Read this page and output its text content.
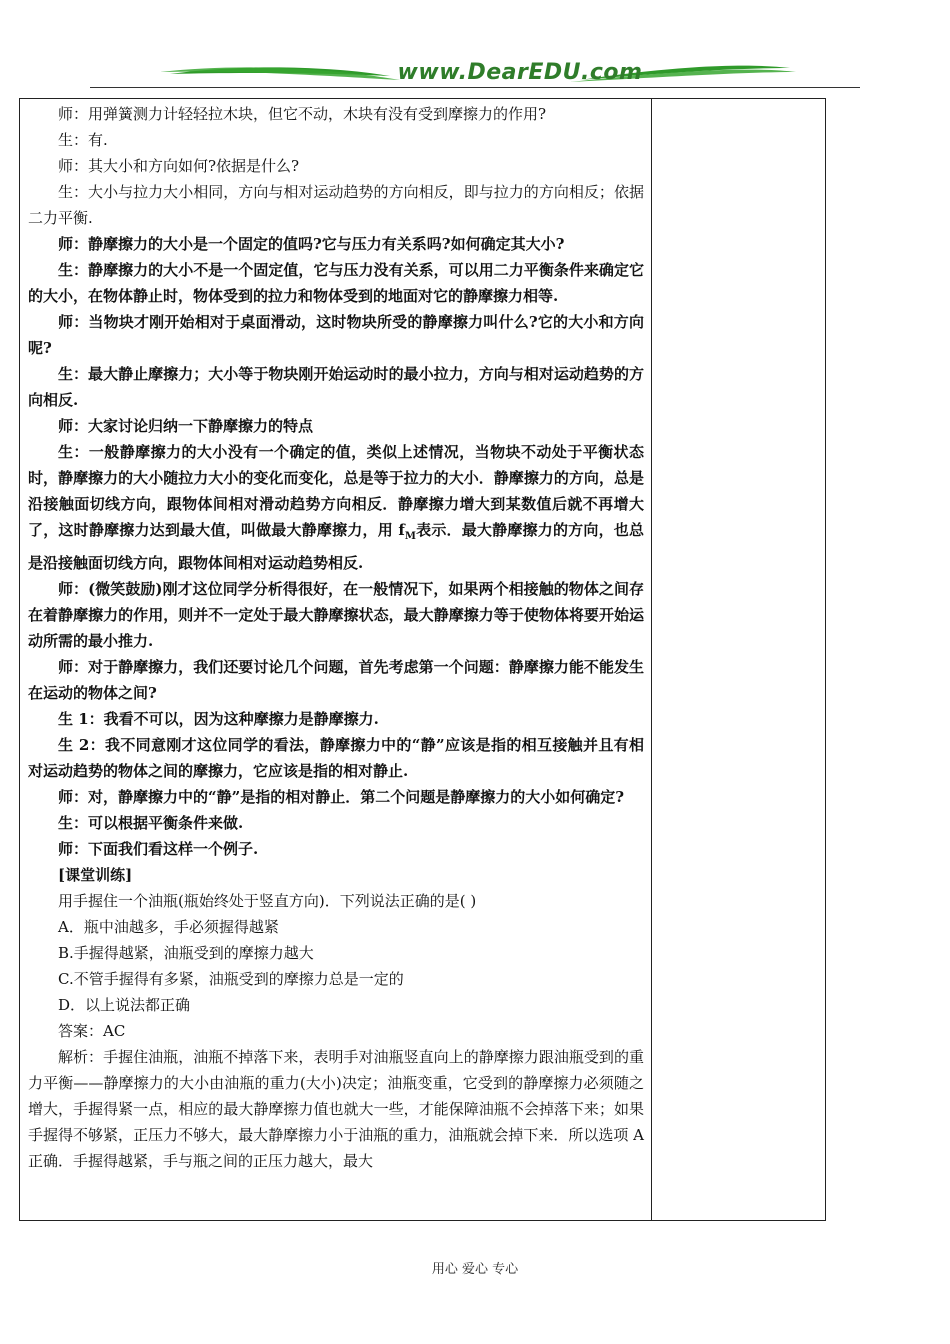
www.DearEDU.com

师：用弹簧测力计轻轻拉木块，但它不动，木块有没有受到摩擦力的作用?

生：有.

师：其大小和方向如何?依据是什么?

生：大小与拉力大小相同，方向与相对运动趋势的方向相反，即与拉力的方向相反；依据二力平衡.

师：静摩擦力的大小是一个固定的值吗?它与压力有关系吗?如何确定其大小?

生：静摩擦力的大小不是一个固定值，它与压力没有关系，可以用二力平衡条件来确定它的大小，在物体静止时，物体受到的拉力和物体受到的地面对它的静摩擦力相等.

师：当物块才刚开始相对于桌面滑动，这时物块所受的静摩擦力叫什么?它的大小和方向呢?

生：最大静止摩擦力；大小等于物块刚开始运动时的最小拉力，方向与相对运动趋势的方向相反.

师：大家讨论归纳一下静摩擦力的特点

生：一般静摩擦力的大小没有一个确定的值，类似上述情况，当物块不动处于平衡状态时，静摩擦力的大小随拉力大小的变化而变化，总是等于拉力的大小．静摩擦力的方向，总是沿接触面切线方向，跟物体间相对滑动趋势方向相反．静摩擦力增大到某数值后就不再增大了，这时静摩擦力达到最大值，叫做最大静摩擦力，用 $f_M$表示．最大静摩擦力的方向，也总是沿接触面切线方向，跟物体间相对运动趋势相反.

师：(微笑鼓励)刚才这位同学分析得很好，在一般情况下，如果两个相接触的物体之间存在着静摩擦力的作用，则并不一定处于最大静摩擦状态，最大静摩擦力等于使物体将要开始运动所需的最小推力.

师：对于静摩擦力，我们还要讨论几个问题，首先考虑第一个问题：静摩擦力能不能发生在运动的物体之间?

生 1：我看不可以，因为这种摩擦力是静摩擦力.

生 2：我不同意刚才这位同学的看法，静摩擦力中的“静”应该是指的相互接触并且有相对运动趋势的物体之间的摩擦力，它应该是指的相对静止.

师：对，静摩擦力中的“静”是指的相对静止．第二个问题是静摩擦力的大小如何确定?

生：可以根据平衡条件来做.

师：下面我们看这样一个例子.

[课堂训练]

用手握住一个油瓶(瓶始终处于竖直方向)．下列说法正确的是( )

A．瓶中油越多，手必须握得越紧

B.手握得越紧，油瓶受到的摩擦力越大

C.不管手握得有多紧，油瓶受到的摩擦力总是一定的

D．以上说法都正确

答案：AC

解析：手握住油瓶，油瓶不掉落下来，表明手对油瓶竖直向上的静摩擦力跟油瓶受到的重力平衡——静摩擦力的大小由油瓶的重力(大小)决定；油瓶变重，它受到的静摩擦力必须随之增大，手握得紧一点，相应的最大静摩擦力值也就大一些，才能保障油瓶不会掉落下来；如果手握得不够紧，正压力不够大，最大静摩擦力小于油瓶的重力，油瓶就会掉下来．所以选项 A 正确．手握得越紧，手与瓶之间的正压力越大，最大

用心 爱心 专心
